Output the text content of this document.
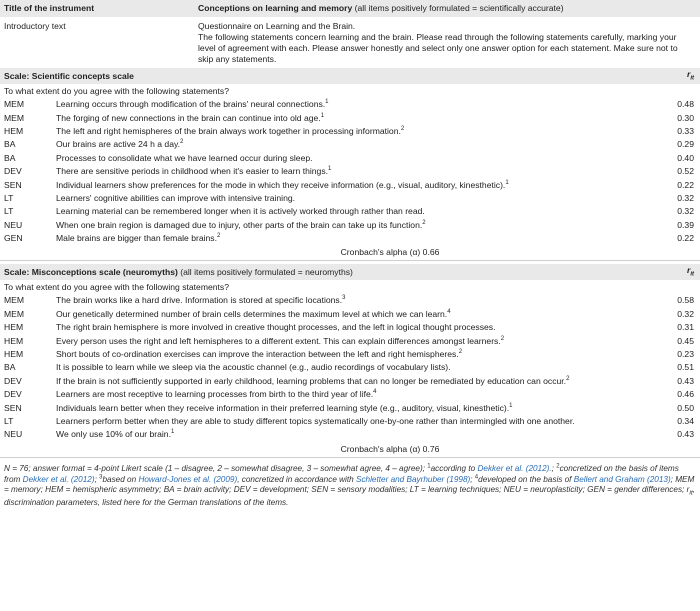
Title of the instrument	Conceptions on learning and memory (all items positively formulated = scientifically accurate)
Introductory text	Questionnaire on Learning and the Brain.
The following statements concern learning and the brain. Please read through the following statements carefully, marking your level of agreement with each. Please answer honestly and select only one answer option for each statement. Make sure not to skip any statements.
Scale: Scientific concepts scale	$r_{it}$
To what extent do you agree with the following statements?
MEM	Learning occurs through modification of the brains' neural connections.$^1$	0.48
MEM	The forging of new connections in the brain can continue into old age.$^1$	0.30
HEM	The left and right hemispheres of the brain always work together in processing information.$^2$	0.33
BA	Our brains are active 24 h a day.$^2$	0.29
BA	Processes to consolidate what we have learned occur during sleep.	0.40
DEV	There are sensitive periods in childhood when it's easier to learn things.$^1$	0.52
SEN	Individual learners show preferences for the mode in which they receive information (e.g., visual, auditory, kinesthetic).$^1$	0.22
LT	Learners' cognitive abilities can improve with intensive training.	0.32
LT	Learning material can be remembered longer when it is actively worked through rather than read.	0.32
NEU	When one brain region is damaged due to injury, other parts of the brain can take up its function.$^2$	0.39
GEN	Male brains are bigger than female brains.$^2$	0.22
Cronbach's alpha (α) 0.66
Scale: Misconceptions scale (neuromyths) (all items positively formulated = neuromyths)	$r_{it}$
To what extent do you agree with the following statements?
MEM	The brain works like a hard drive. Information is stored at specific locations.$^3$	0.58
MEM	Our genetically determined number of brain cells determines the maximum level at which we can learn.$^4$	0.32
HEM	The right brain hemisphere is more involved in creative thought processes, and the left in logical thought processes.	0.31
HEM	Every person uses the right and left hemispheres to a different extent. This can explain differences amongst learners.$^2$	0.45
HEM	Short bouts of co-ordination exercises can improve the interaction between the left and right hemispheres.$^2$	0.23
BA	It is possible to learn while we sleep via the acoustic channel (e.g., audio recordings of vocabulary lists).	0.51
DEV	If the brain is not sufficiently supported in early childhood, learning problems that can no longer be remediated by education can occur.$^2$	0.43
DEV	Learners are most receptive to learning processes from birth to the third year of life.$^4$	0.46
SEN	Individuals learn better when they receive information in their preferred learning style (e.g., auditory, visual, kinesthetic).$^1$	0.50
LT	Learners perform better when they are able to study different topics systematically one-by-one rather than intermingled with one another.	0.34
NEU	We only use 10% of our brain.$^1$	0.43
Cronbach's alpha (α) 0.76
N = 76; answer format = 4-point Likert scale (1 – disagree, 2 – somewhat disagree, 3 – somewhat agree, 4 – agree); $^1$according to Dekker et al. (2012).; $^2$concretized on the basis of items from Dekker et al. (2012); $^3$based on Howard-Jones et al. (2009), concretized in accordance with Schletter and Bayrhuber (1998); $^4$developed on the basis of Bellert and Graham (2013); MEM = memory; HEM = hemispheric asymmetry; BA = brain activity; DEV = development; SEN = sensory modalities; LT = learning techniques; NEU = neuroplasticity; GEN = gender differences; $r_{it}$, discrimination parameters, listed here for the German translations of the items.
